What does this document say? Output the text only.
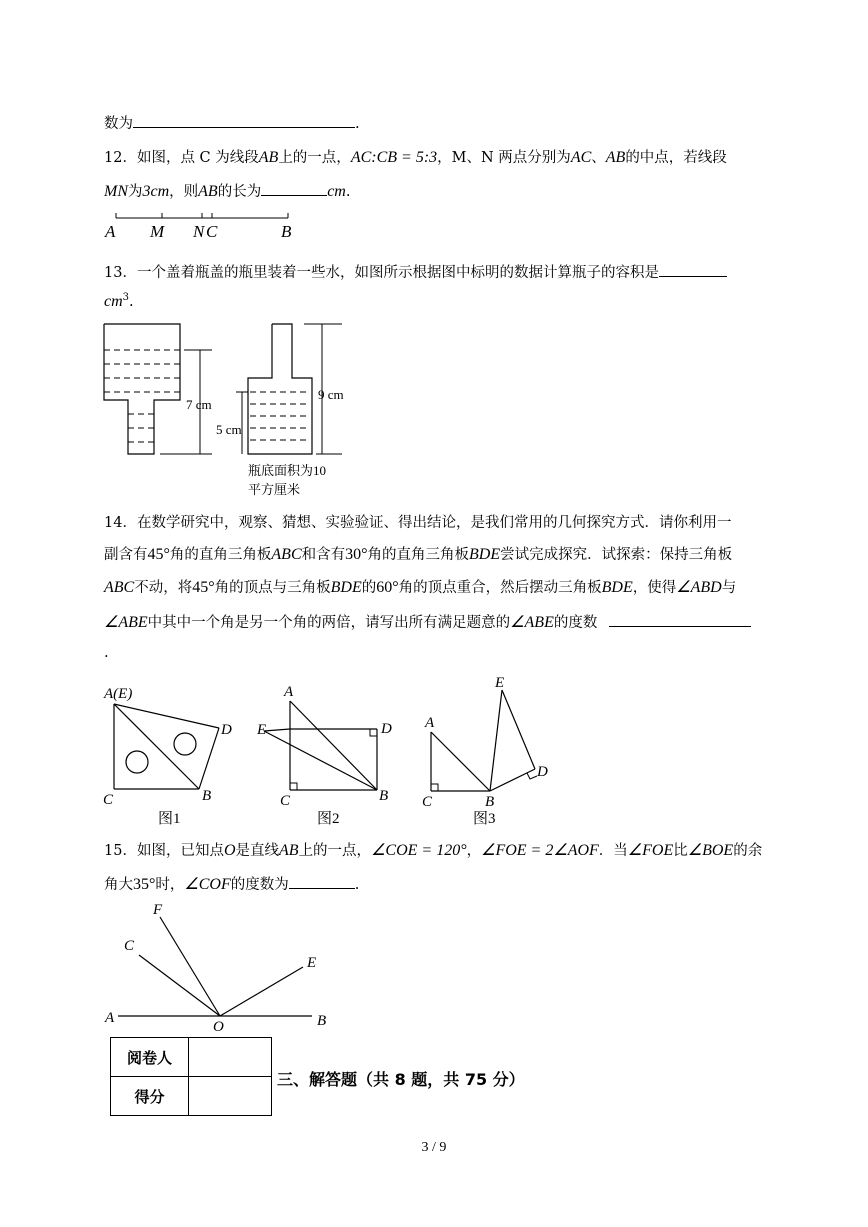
数为	.
12．如图，点 C 为线段AB上的一点，AC:CB = 5:3，M、N 两点分别为AC、AB的中点，若线段
MN为3cm，则AB的长为	cm.
A M N C	B
13．一个盖着瓶盖的瓶里装着一些水，如图所示根据图中标明的数据计算瓶子的容积是
$cm^3$.
7 cm
5 cm
9 cm
瓶底面积为10
平方厘米
14．在数学研究中，观察、猜想、实验验证、得出结论，是我们常用的几何探究方式．请你利用一
副含有45°角的直角三角板ABC和含有30°角的直角三角板BDE尝试完成探究．试探索：保持三角板
ABC不动，将45°角的顶点与三角板BDE的60°角的顶点重合，然后摆动三角板BDE，使得∠ABD与
∠ABE中其中一个角是另一个角的两倍，请写出所有满足题意的∠ABE的度数
.
A(E)
D
C	B
图1
A
E	D
C	B
图2
E
A
D
C	B
图3
15．如图，已知点O是直线AB上的一点，∠COE = 120°，∠FOE = 2∠AOF．当∠FOE比∠BOE的余
角大35°时，∠COF的度数为	.
F
C
E
A
O	B
阅卷人	
得分	
三、解答题（共 8 题，共 75 分）
3 / 9
